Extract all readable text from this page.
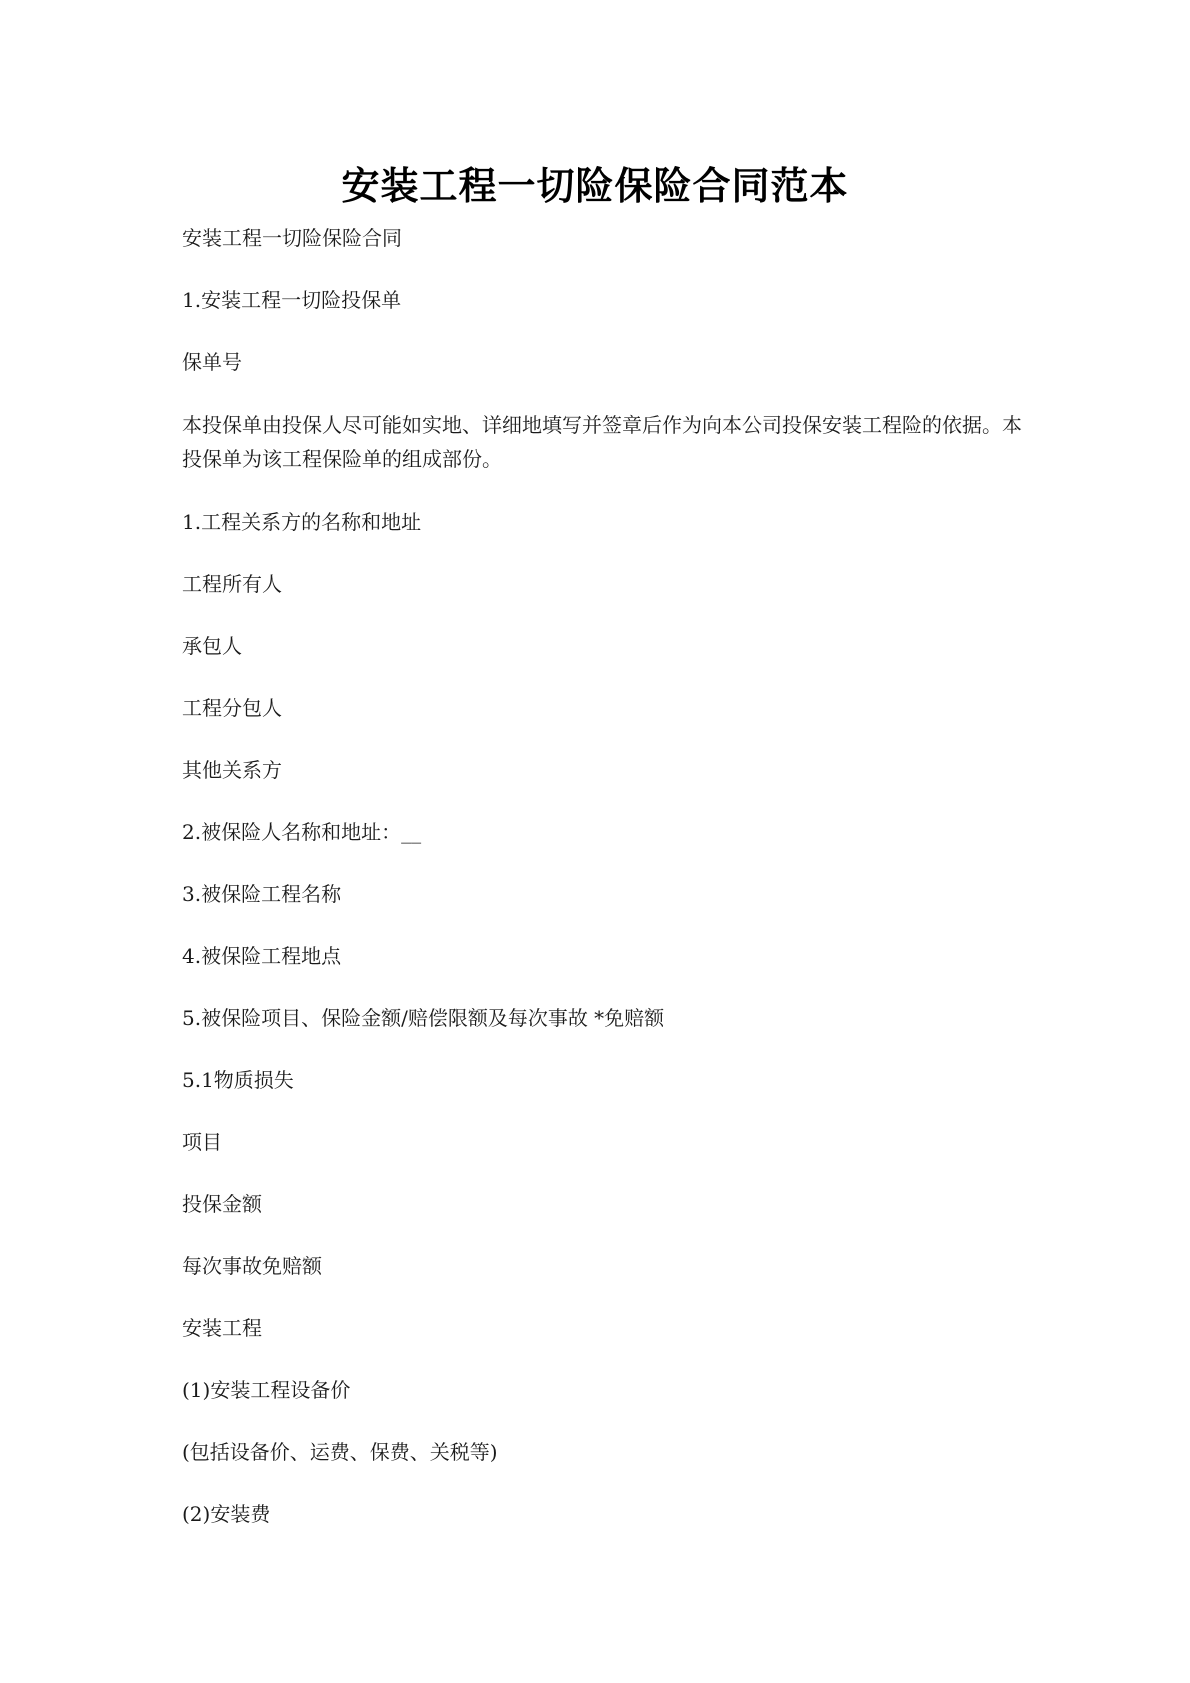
安装工程一切险保险合同范本

安装工程一切险保险合同

1.安装工程一切险投保单

保单号

本投保单由投保人尽可能如实地、详细地填写并签章后作为向本公司投保安装工程险的依据。本投保单为该工程保险单的组成部份。

1.工程关系方的名称和地址

工程所有人

承包人

工程分包人

其他关系方

2.被保险人名称和地址：__

3.被保险工程名称

4.被保险工程地点

5.被保险项目、保险金额/赔偿限额及每次事故 *免赔额

5.1物质损失

项目

投保金额

每次事故免赔额

安装工程

(1)安装工程设备价

(包括设备价、运费、保费、关税等)

(2)安装费
